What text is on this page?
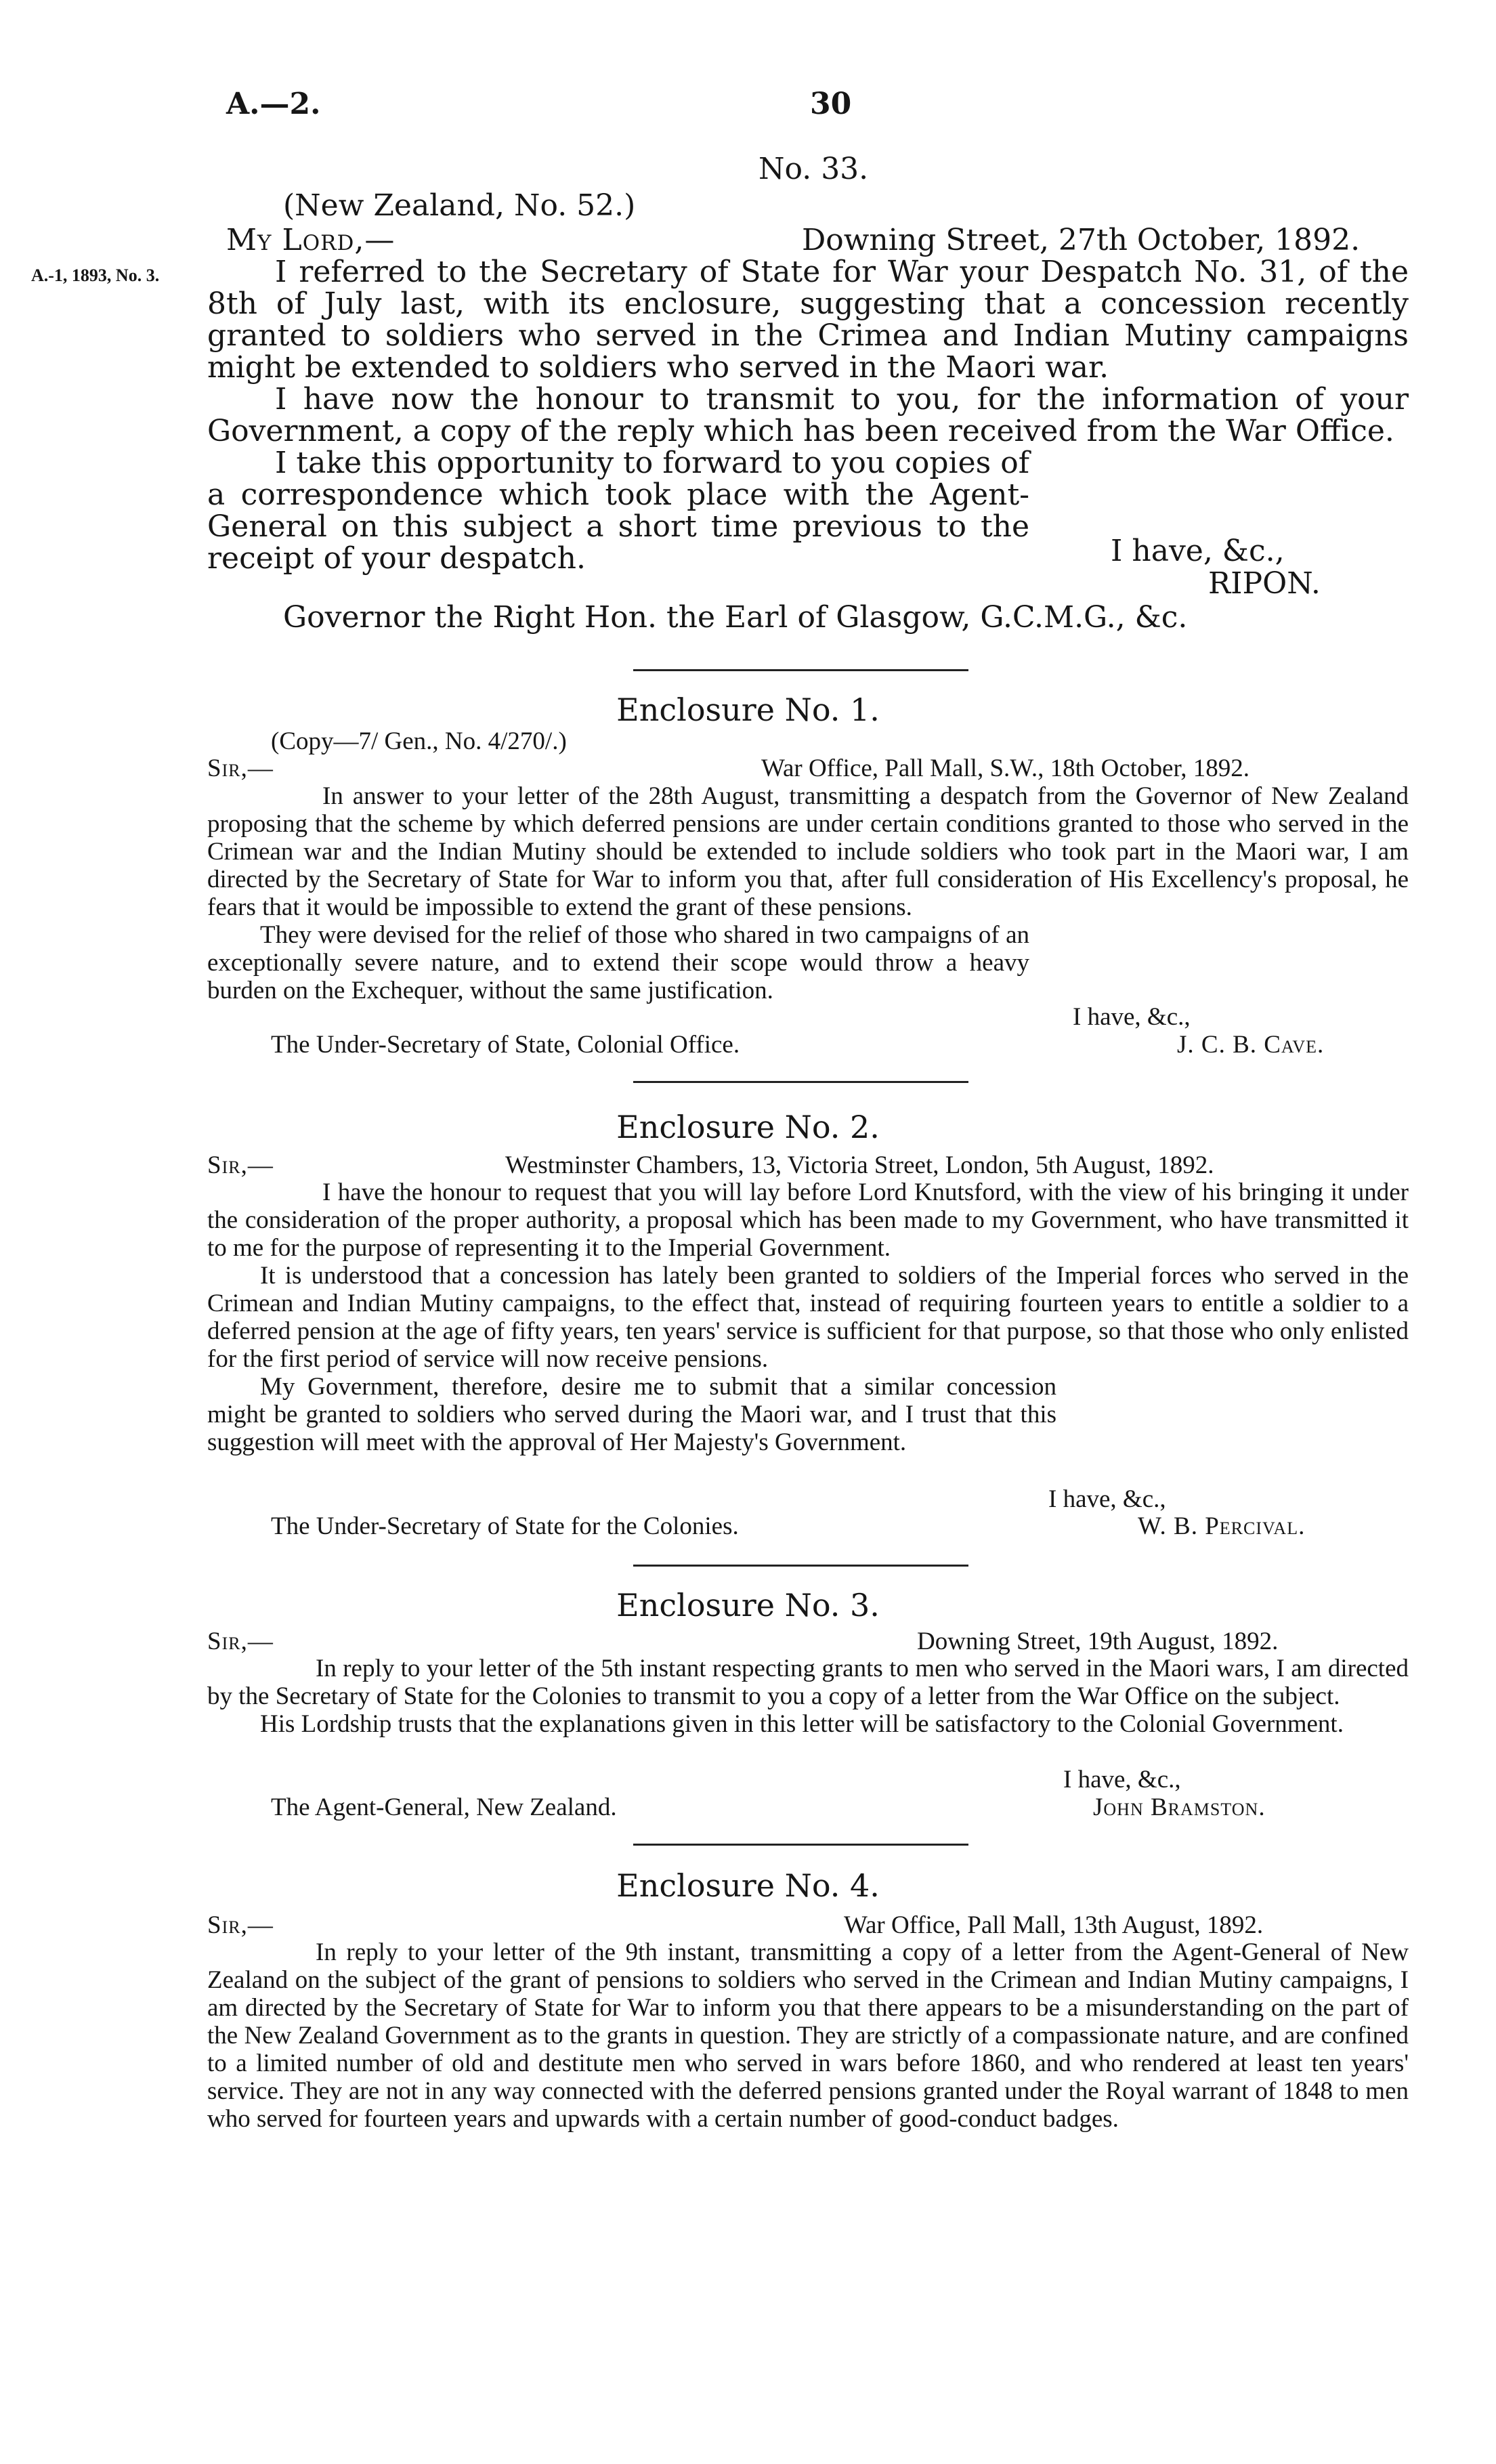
A.—2.	30
No. 33.
(New Zealand, No. 52.)
My Lord,—	Downing Street, 27th October, 1892.
A.-1, 1893, No. 3.	I referred to the Secretary of State for War your Despatch No. 31, of the 8th of July last, with its enclosure, suggesting that a concession recently granted to soldiers who served in the Crimea and Indian Mutiny campaigns might be extended to soldiers who served in the Maori war.

I have now the honour to transmit to you, for the information of your Government, a copy of the reply which has been received from the War Office.

I take this opportunity to forward to you copies of a correspondence which took place with the Agent-General on this subject a short time previous to the receipt of your despatch.	I have, &c.,
RIPON.
Governor the Right Hon. the Earl of Glasgow, G.C.M.G., &c.
Enclosure No. 1.
(Copy—7/ Gen., No. 4/270/.)
Sir,—	War Office, Pall Mall, S.W., 18th October, 1892.

In answer to your letter of the 28th August, transmitting a despatch from the Governor of New Zealand proposing that the scheme by which deferred pensions are under certain conditions granted to those who served in the Crimean war and the Indian Mutiny should be extended to include soldiers who took part in the Maori war, I am directed by the Secretary of State for War to inform you that, after full consideration of His Excellency's proposal, he fears that it would be impossible to extend the grant of these pensions.

They were devised for the relief of those who shared in two campaigns of an exceptionally severe nature, and to extend their scope would throw a heavy burden on the Exchequer, without the same justification.

I have, &c.,
The Under-Secretary of State, Colonial Office.	J. C. B. Cave.
Enclosure No. 2.
Sir,—	Westminster Chambers, 13, Victoria Street, London, 5th August, 1892.

I have the honour to request that you will lay before Lord Knutsford, with the view of his bringing it under the consideration of the proper authority, a proposal which has been made to my Government, who have transmitted it to me for the purpose of representing it to the Imperial Government.

It is understood that a concession has lately been granted to soldiers of the Imperial forces who served in the Crimean and Indian Mutiny campaigns, to the effect that, instead of requiring fourteen years to entitle a soldier to a deferred pension at the age of fifty years, ten years' service is sufficient for that purpose, so that those who only enlisted for the first period of service will now receive pensions.

My Government, therefore, desire me to submit that a similar concession might be granted to soldiers who served during the Maori war, and I trust that this suggestion will meet with the approval of Her Majesty's Government.

I have, &c.,
The Under-Secretary of State for the Colonies.	W. B. Percival.
Enclosure No. 3.
Sir,—	Downing Street, 19th August, 1892.

In reply to your letter of the 5th instant respecting grants to men who served in the Maori wars, I am directed by the Secretary of State for the Colonies to transmit to you a copy of a letter from the War Office on the subject.

His Lordship trusts that the explanations given in this letter will be satisfactory to the Colonial Government.

I have, &c.,
The Agent-General, New Zealand.	John Bramston.
Enclosure No. 4.
Sir,—	War Office, Pall Mall, 13th August, 1892.

In reply to your letter of the 9th instant, transmitting a copy of a letter from the Agent-General of New Zealand on the subject of the grant of pensions to soldiers who served in the Crimean and Indian Mutiny campaigns, I am directed by the Secretary of State for War to inform you that there appears to be a misunderstanding on the part of the New Zealand Government as to the grants in question. They are strictly of a compassionate nature, and are confined to a limited number of old and destitute men who served in wars before 1860, and who rendered at least ten years' service. They are not in any way connected with the deferred pensions granted under the Royal warrant of 1848 to men who served for fourteen years and upwards with a certain number of good-conduct badges.
